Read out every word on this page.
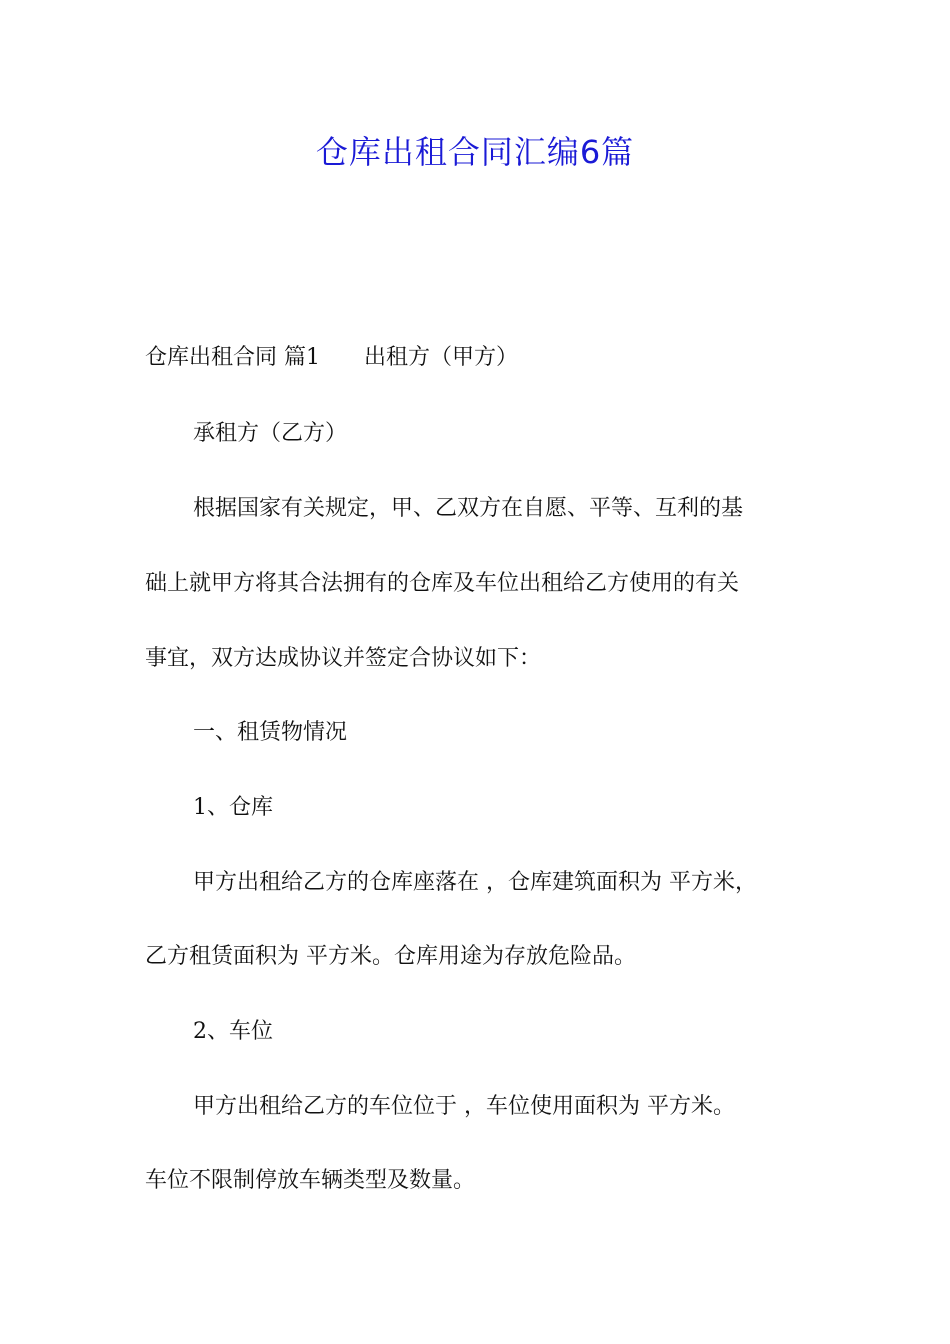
仓库出租合同汇编6篇
仓库出租合同 篇1 出租方（甲方）
承租方（乙方）
根据国家有关规定，甲、乙双方在自愿、平等、互利的基
础上就甲方将其合法拥有的仓库及车位出租给乙方使用的有关
事宜，双方达成协议并签定合协议如下：
一、租赁物情况
1、仓库
甲方出租给乙方的仓库座落在 ，仓库建筑面积为 平方米，
乙方租赁面积为 平方米。仓库用途为存放危险品。
2、车位
甲方出租给乙方的车位位于 ，车位使用面积为 平方米。
车位不限制停放车辆类型及数量。
